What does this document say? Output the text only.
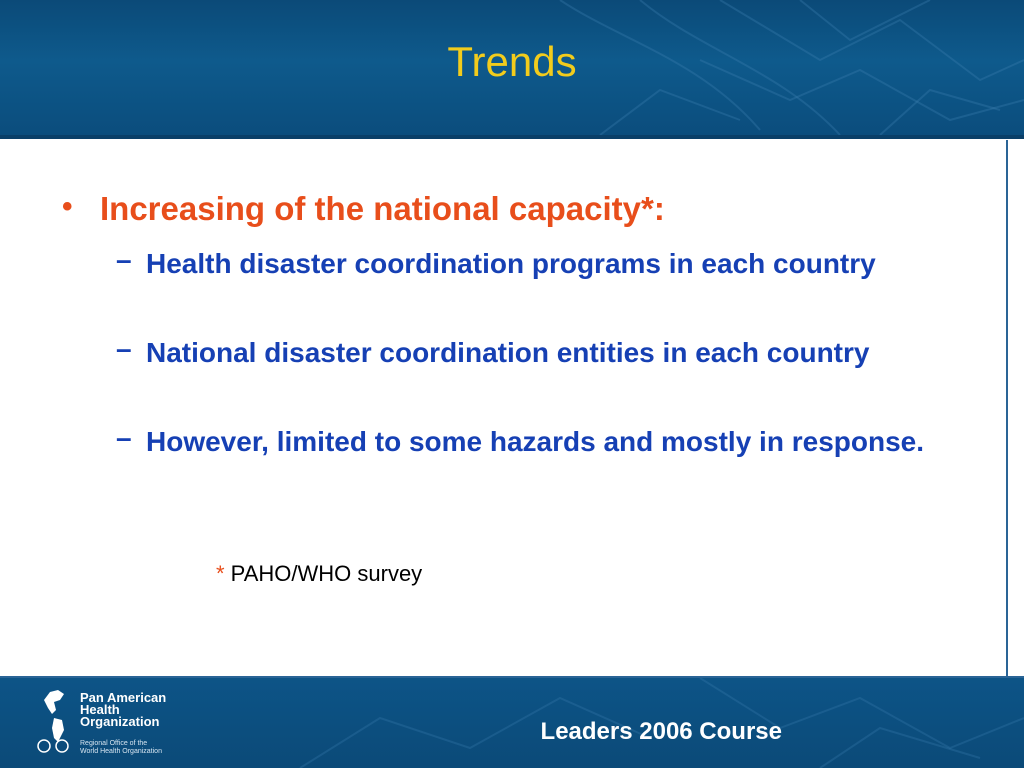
Trends
• Increasing of the national capacity*:
– Health disaster coordination programs in each country
– National disaster coordination entities in each country
– However, limited to some hazards and mostly in response.
* PAHO/WHO survey
Pan American
Health
Organization
Regional Office of the
World Health Organization
Leaders 2006 Course
